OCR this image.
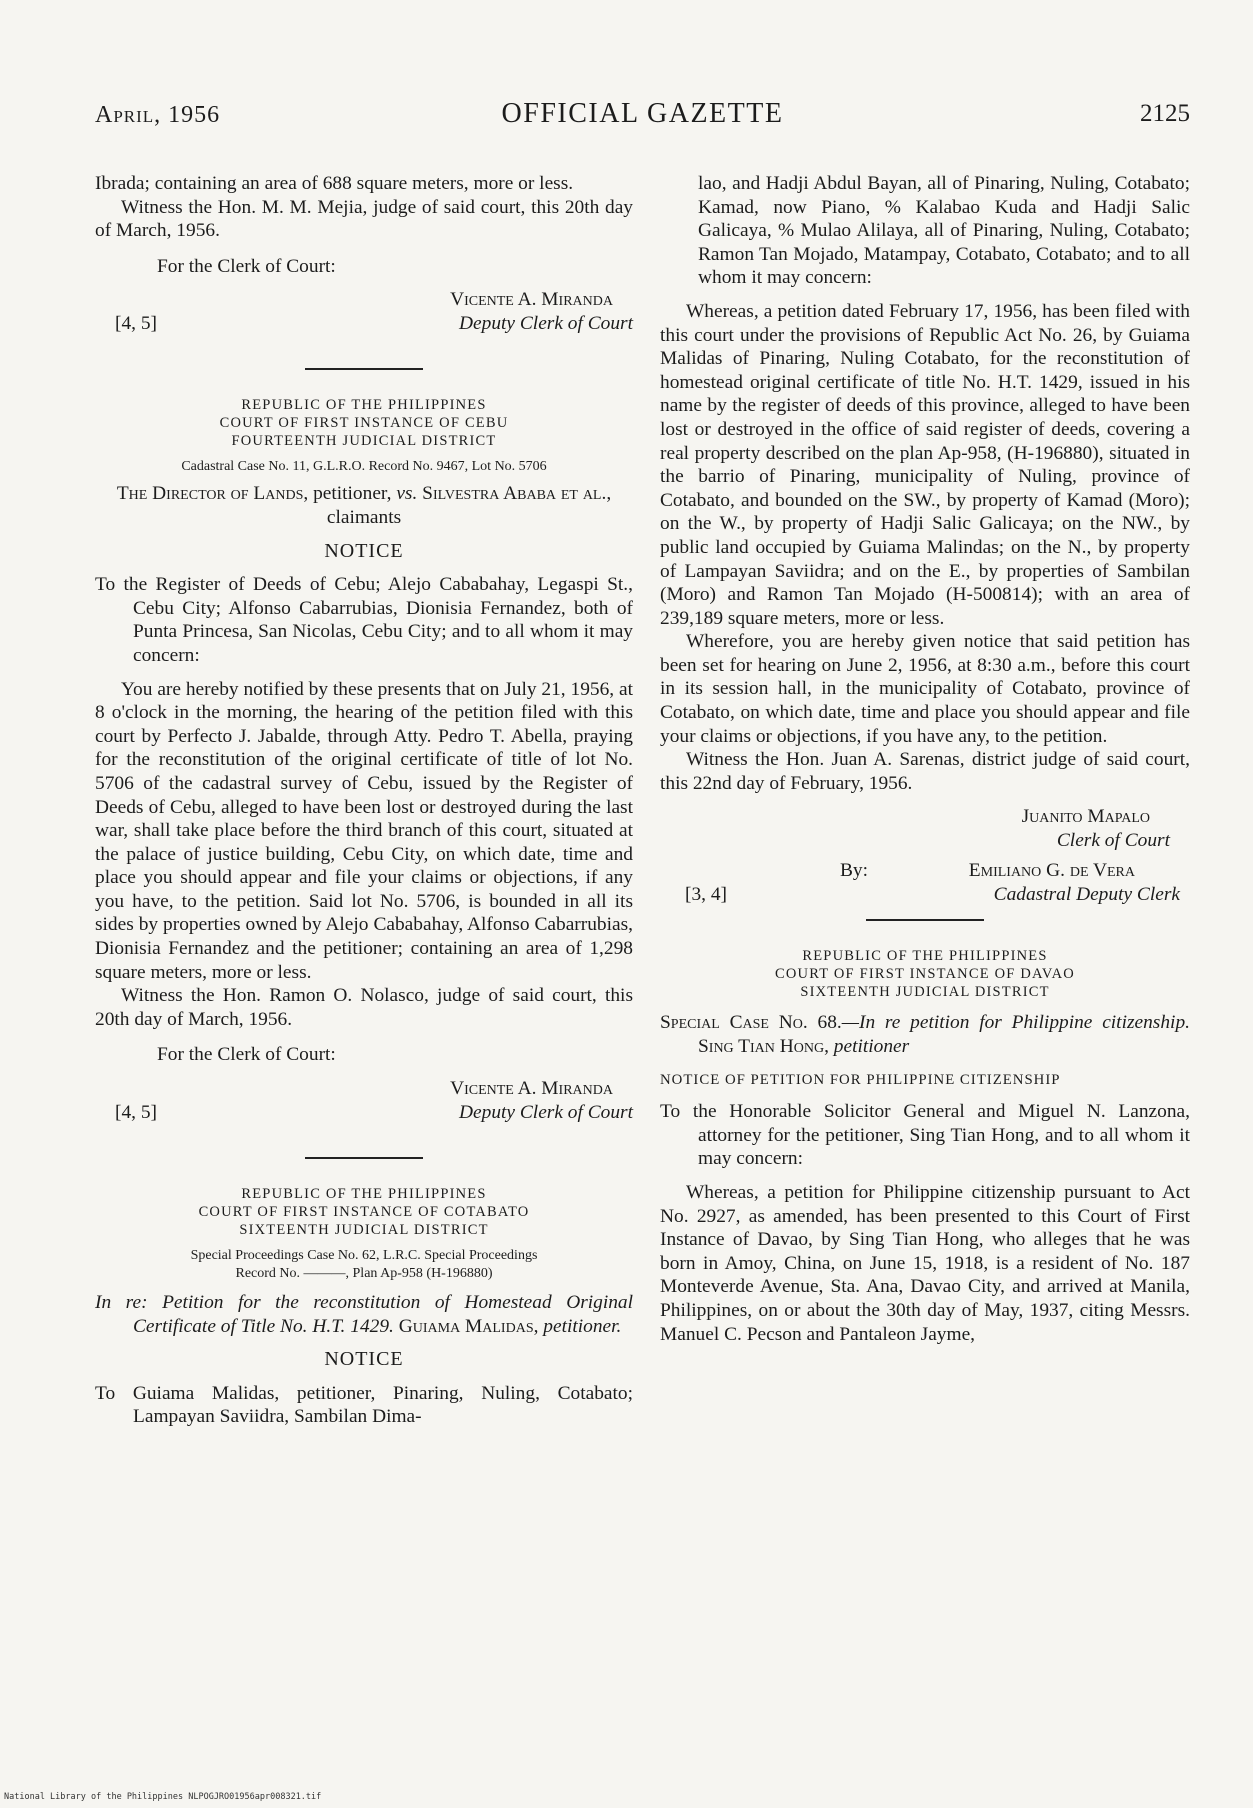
April, 1956	OFFICIAL GAZETTE	2125

Ibrada; containing an area of 688 square meters, more or less.

Witness the Hon. M. M. Mejia, judge of said court, this 20th day of March, 1956.

For the Clerk of Court:

Vicente A. Miranda
[4, 5]	Deputy Clerk of Court
REPUBLIC OF THE PHILIPPINES
COURT OF FIRST INSTANCE OF CEBU
FOURTEENTH JUDICIAL DISTRICT
Cadastral Case No. 11, G.L.R.O. Record No. 9467, Lot No. 5706
The Director of Lands, petitioner, vs. Silvestra Ababa et al., claimants
NOTICE

To the Register of Deeds of Cebu; Alejo Cababahay, Legaspi St., Cebu City; Alfonso Cabarrubias, Dionisia Fernandez, both of Punta Princesa, San Nicolas, Cebu City; and to all whom it may concern:

You are hereby notified by these presents that on July 21, 1956, at 8 o'clock in the morning, the hearing of the petition filed with this court by Perfecto J. Jabalde, through Atty. Pedro T. Abella, praying for the reconstitution of the original certificate of title of lot No. 5706 of the cadastral survey of Cebu, issued by the Register of Deeds of Cebu, alleged to have been lost or destroyed during the last war, shall take place before the third branch of this court, situated at the palace of justice building, Cebu City, on which date, time and place you should appear and file your claims or objections, if any you have, to the petition. Said lot No. 5706, is bounded in all its sides by properties owned by Alejo Cababahay, Alfonso Cabarrubias, Dionisia Fernandez and the petitioner; containing an area of 1,298 square meters, more or less.

Witness the Hon. Ramon O. Nolasco, judge of said court, this 20th day of March, 1956.

For the Clerk of Court:

Vicente A. Miranda
[4, 5]	Deputy Clerk of Court
REPUBLIC OF THE PHILIPPINES
COURT OF FIRST INSTANCE OF COTABATO
SIXTEENTH JUDICIAL DISTRICT
Special Proceedings Case No. 62, L.R.C. Special Proceedings
Record No. ———, Plan Ap-958 (H-196880)

In re: Petition for the reconstitution of Homestead Original Certificate of Title No. H.T. 1429. Guiama Malidas, petitioner.

NOTICE

To Guiama Malidas, petitioner, Pinaring, Nuling, Cotabato; Lampayan Saviidra, Sambilan Dima-

lao, and Hadji Abdul Bayan, all of Pinaring, Nuling, Cotabato; Kamad, now Piano, % Kalabao Kuda and Hadji Salic Galicaya, % Mulao Alilaya, all of Pinaring, Nuling, Cotabato; Ramon Tan Mojado, Matampay, Cotabato, Cotabato; and to all whom it may concern:

Whereas, a petition dated February 17, 1956, has been filed with this court under the provisions of Republic Act No. 26, by Guiama Malidas of Pinaring, Nuling Cotabato, for the reconstitution of homestead original certificate of title No. H.T. 1429, issued in his name by the register of deeds of this province, alleged to have been lost or destroyed in the office of said register of deeds, covering a real property described on the plan Ap-958, (H-196880), situated in the barrio of Pinaring, municipality of Nuling, province of Cotabato, and bounded on the SW., by property of Kamad (Moro); on the W., by property of Hadji Salic Galicaya; on the NW., by public land occupied by Guiama Malindas; on the N., by property of Lampayan Saviidra; and on the E., by properties of Sambilan (Moro) and Ramon Tan Mojado (H-500814); with an area of 239,189 square meters, more or less.

Wherefore, you are hereby given notice that said petition has been set for hearing on June 2, 1956, at 8:30 a.m., before this court in its session hall, in the municipality of Cotabato, province of Cotabato, on which date, time and place you should appear and file your claims or objections, if you have any, to the petition.

Witness the Hon. Juan A. Sarenas, district judge of said court, this 22nd day of February, 1956.

Juanito Mapalo
Clerk of Court
By:	Emiliano G. de Vera
[3, 4]	Cadastral Deputy Clerk
REPUBLIC OF THE PHILIPPINES
COURT OF FIRST INSTANCE OF DAVAO
SIXTEENTH JUDICIAL DISTRICT

Special Case No. 68.—In re petition for Philippine citizenship. Sing Tian Hong, petitioner

NOTICE OF PETITION FOR PHILIPPINE CITIZENSHIP

To the Honorable Solicitor General and Miguel N. Lanzona, attorney for the petitioner, Sing Tian Hong, and to all whom it may concern:

Whereas, a petition for Philippine citizenship pursuant to Act No. 2927, as amended, has been presented to this Court of First Instance of Davao, by Sing Tian Hong, who alleges that he was born in Amoy, China, on June 15, 1918, is a resident of No. 187 Monteverde Avenue, Sta. Ana, Davao City, and arrived at Manila, Philippines, on or about the 30th day of May, 1937, citing Messrs. Manuel C. Pecson and Pantaleon Jayme,

National Library of the Philippines NLPOGJRO01956apr008321.tif
